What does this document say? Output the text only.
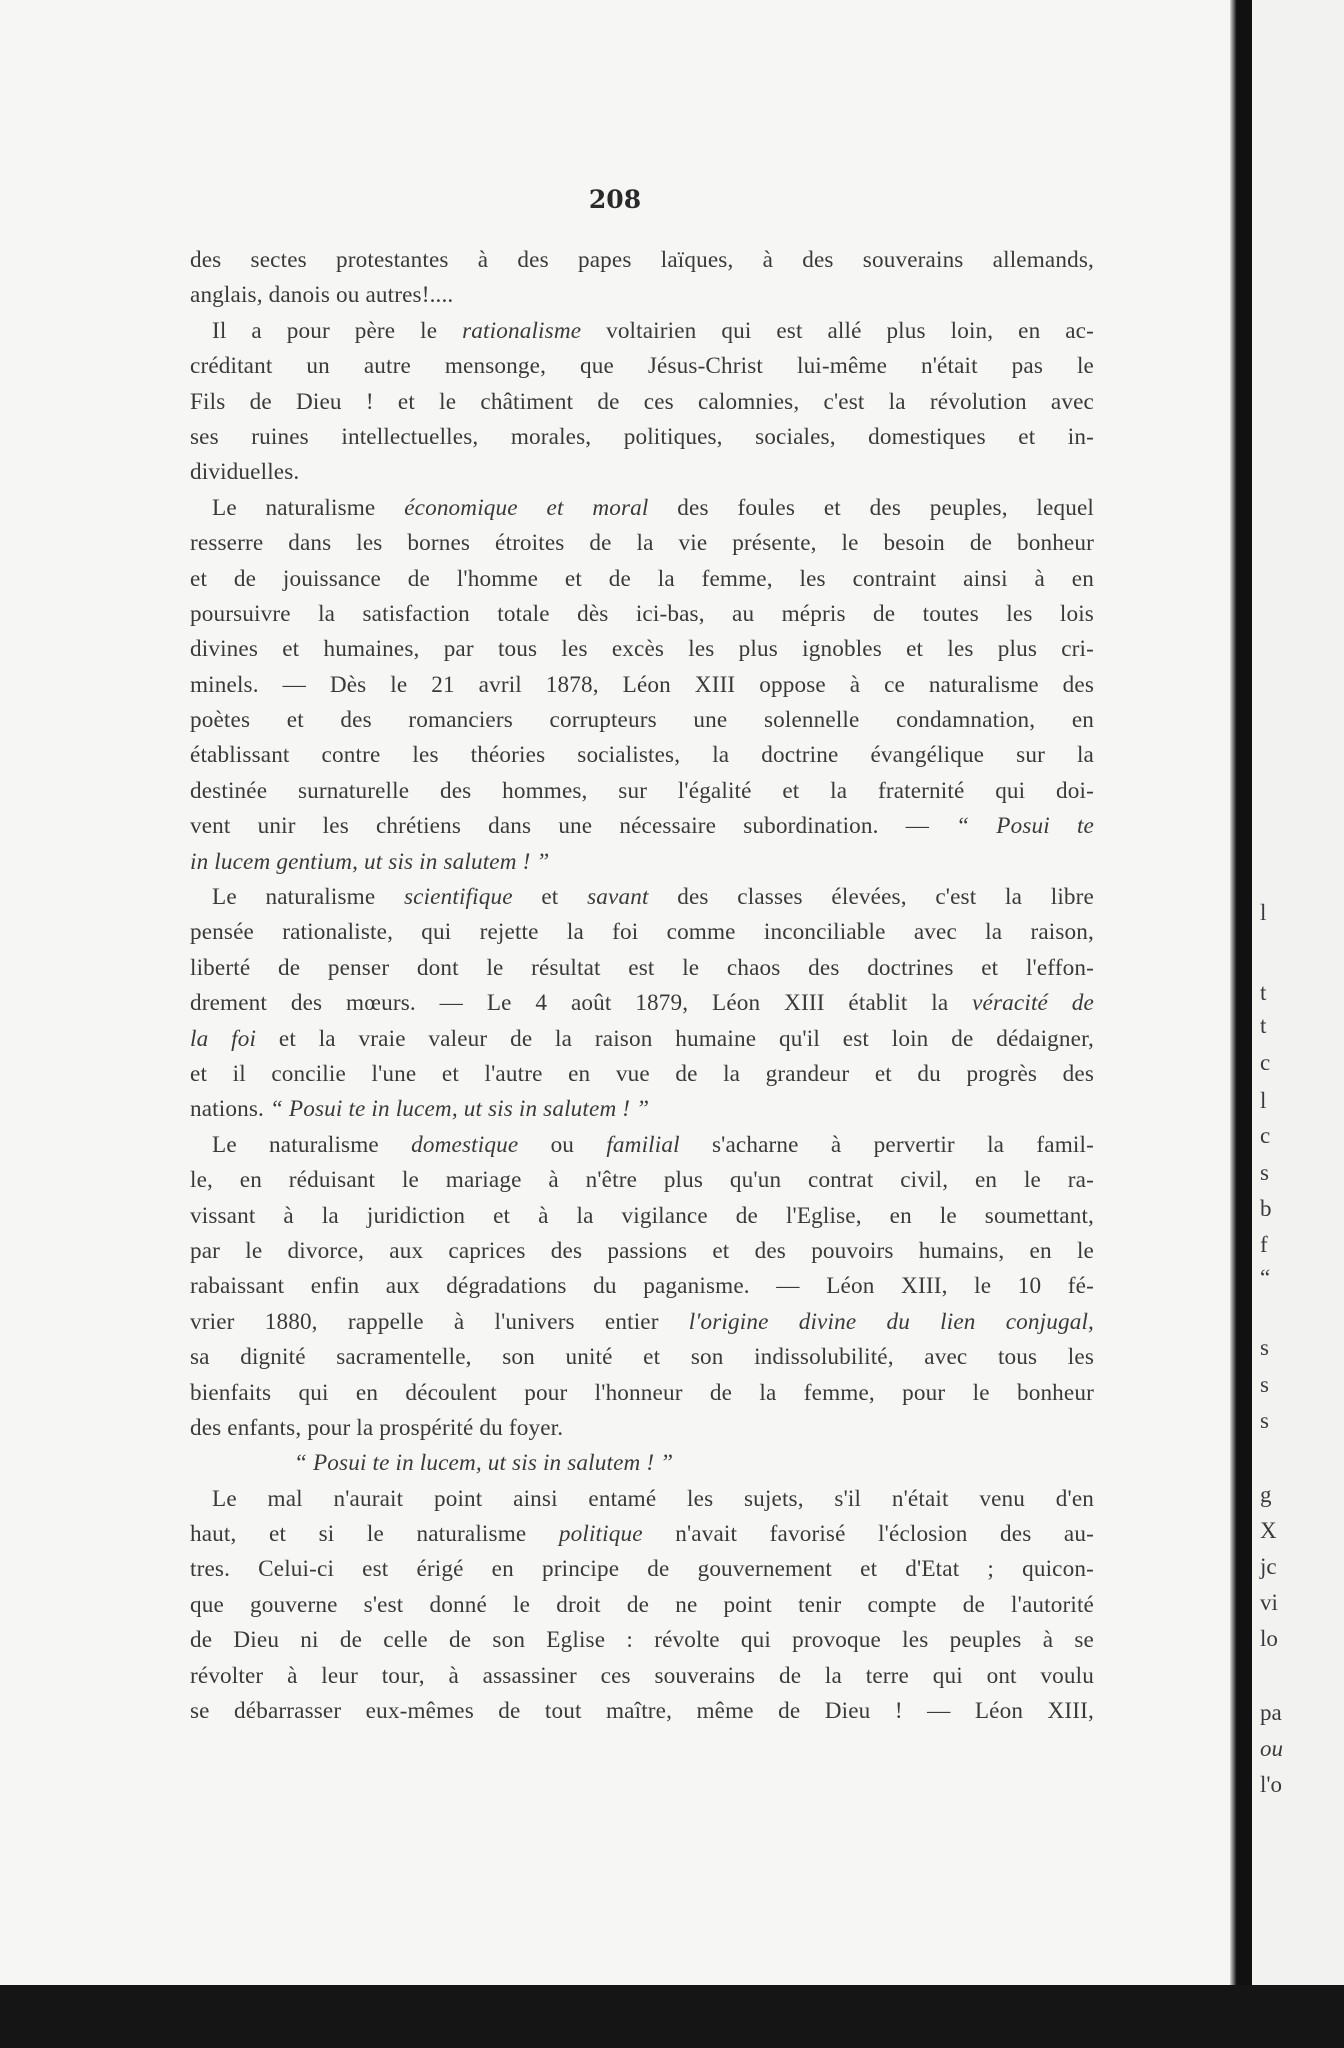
208
des sectes protestantes à des papes laïques, à des souverains allemands,
anglais, danois ou autres!....
Il a pour père le rationalisme voltairien qui est allé plus loin, en ac-
créditant un autre mensonge, que Jésus-Christ lui-même n'était pas le
Fils de Dieu ! et le châtiment de ces calomnies, c'est la révolution avec
ses ruines intellectuelles, morales, politiques, sociales, domestiques et in-
dividuelles.
Le naturalisme économique et moral des foules et des peuples, lequel
resserre dans les bornes étroites de la vie présente, le besoin de bonheur
et de jouissance de l'homme et de la femme, les contraint ainsi à en
poursuivre la satisfaction totale dès ici-bas, au mépris de toutes les lois
divines et humaines, par tous les excès les plus ignobles et les plus cri-
minels. — Dès le 21 avril 1878, Léon XIII oppose à ce naturalisme des
poètes et des romanciers corrupteurs une solennelle condamnation, en
établissant contre les théories socialistes, la doctrine évangélique sur la
destinée surnaturelle des hommes, sur l'égalité et la fraternité qui doi-
vent unir les chrétiens dans une nécessaire subordination. — “ Posui te
in lucem gentium, ut sis in salutem ! ”
Le naturalisme scientifique et savant des classes élevées, c'est la libre
pensée rationaliste, qui rejette la foi comme inconciliable avec la raison,
liberté de penser dont le résultat est le chaos des doctrines et l'effon-
drement des mœurs. — Le 4 août 1879, Léon XIII établit la véracité de
la foi et la vraie valeur de la raison humaine qu'il est loin de dédaigner,
et il concilie l'une et l'autre en vue de la grandeur et du progrès des
nations. “ Posui te in lucem, ut sis in salutem ! ”
Le naturalisme domestique ou familial s'acharne à pervertir la famil-
le, en réduisant le mariage à n'être plus qu'un contrat civil, en le ra-
vissant à la juridiction et à la vigilance de l'Eglise, en le soumettant,
par le divorce, aux caprices des passions et des pouvoirs humains, en le
rabaissant enfin aux dégradations du paganisme. — Léon XIII, le 10 fé-
vrier 1880, rappelle à l'univers entier l'origine divine du lien conjugal,
sa dignité sacramentelle, son unité et son indissolubilité, avec tous les
bienfaits qui en découlent pour l'honneur de la femme, pour le bonheur
des enfants, pour la prospérité du foyer.
“ Posui te in lucem, ut sis in salutem ! ”
Le mal n'aurait point ainsi entamé les sujets, s'il n'était venu d'en
haut, et si le naturalisme politique n'avait favorisé l'éclosion des au-
tres. Celui-ci est érigé en principe de gouvernement et d'Etat ; quicon-
que gouverne s'est donné le droit de ne point tenir compte de l'autorité
de Dieu ni de celle de son Eglise : révolte qui provoque les peuples à se
révolter à leur tour, à assassiner ces souverains de la terre qui ont voulu
se débarrasser eux-mêmes de tout maître, même de Dieu ! — Léon XIII,
l
t
t
c
l
c
s
b
f
“
s
s
s
g
X
jc
vi
lo
pa
ou
l'o
